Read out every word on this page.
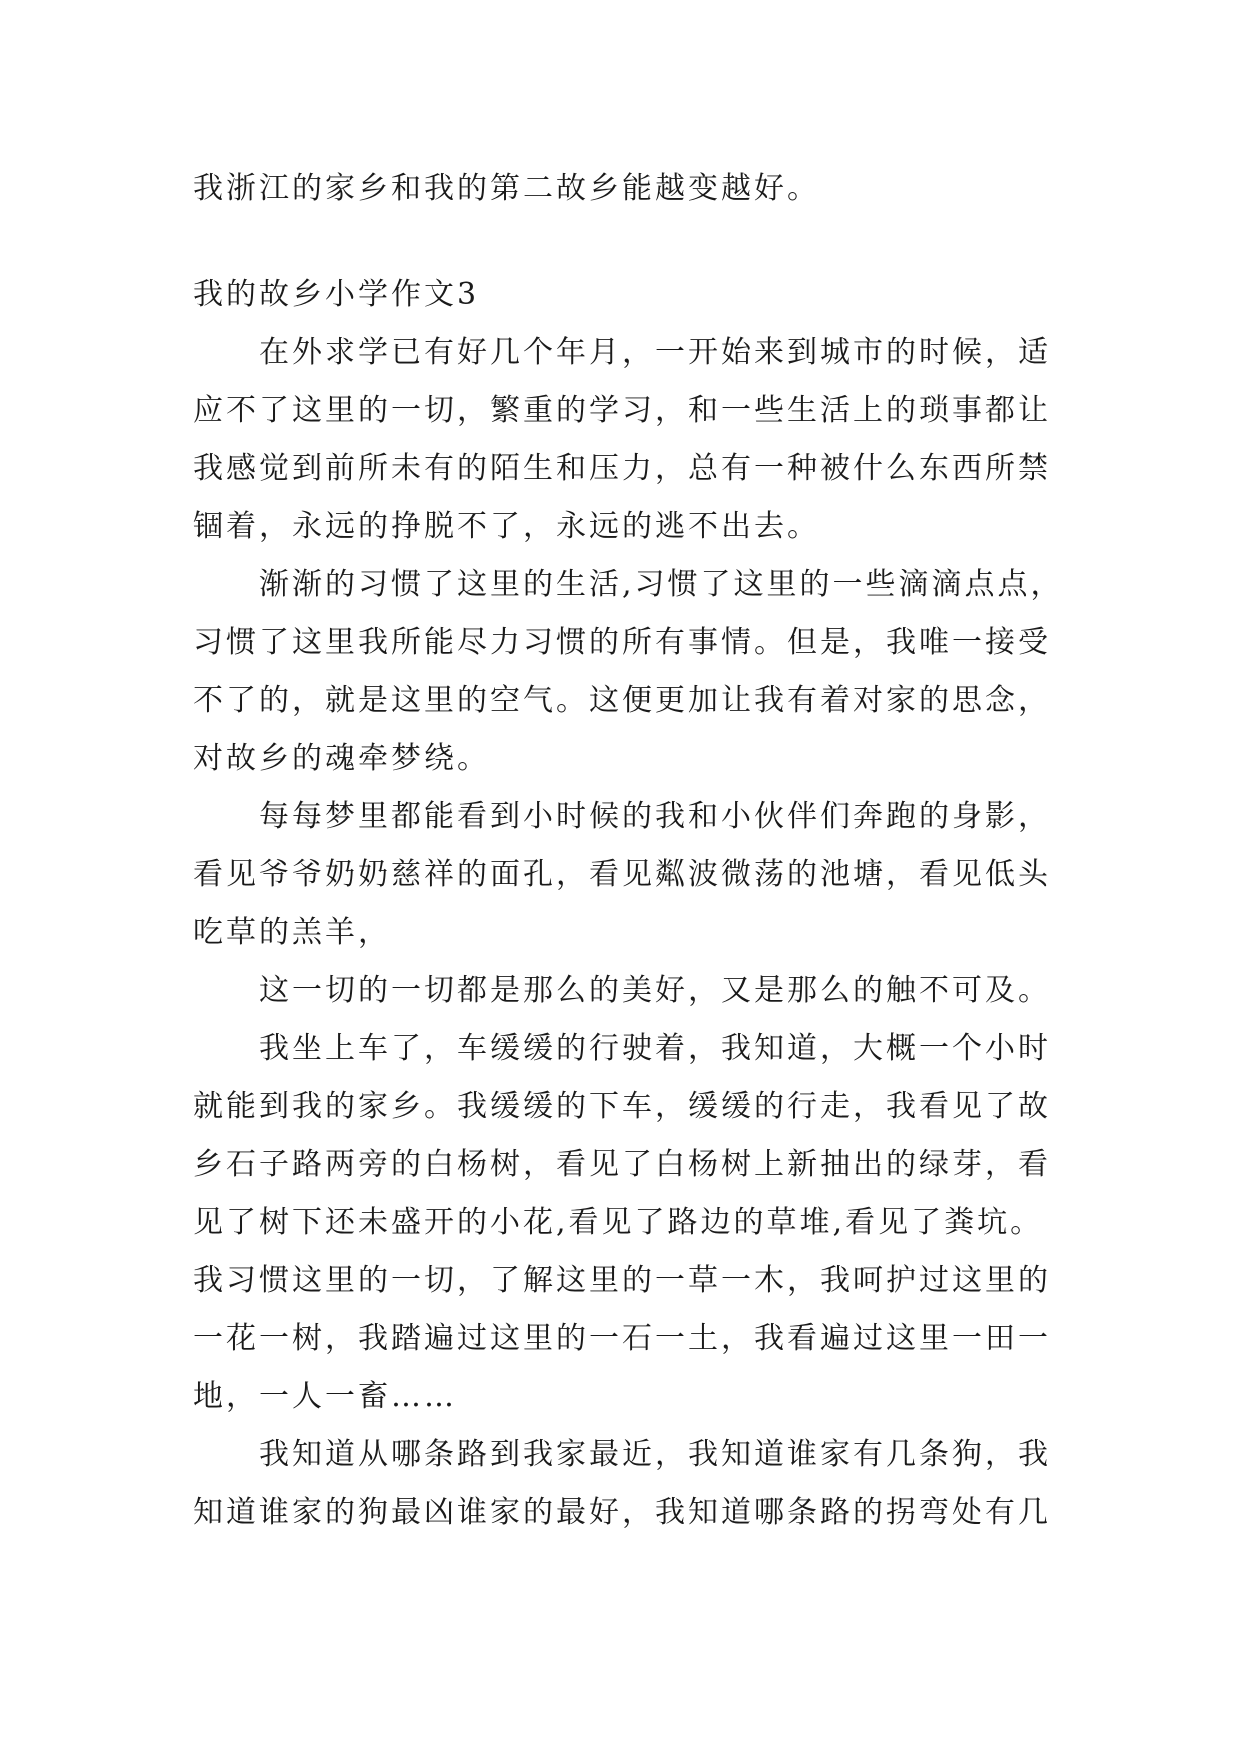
我浙江的家乡和我的第二故乡能越变越好。
我的故乡小学作文3
在外求学已有好几个年月，一开始来到城市的时候，适
应不了这里的一切，繁重的学习，和一些生活上的琐事都让
我感觉到前所未有的陌生和压力，总有一种被什么东西所禁
锢着，永远的挣脱不了，永远的逃不出去。
渐渐的习惯了这里的生活,习惯了这里的一些滴滴点点，
习惯了这里我所能尽力习惯的所有事情。但是，我唯一接受
不了的，就是这里的空气。这便更加让我有着对家的思念，
对故乡的魂牵梦绕。
每每梦里都能看到小时候的我和小伙伴们奔跑的身影，
看见爷爷奶奶慈祥的面孔，看见粼波微荡的池塘，看见低头
吃草的羔羊，
这一切的一切都是那么的美好，又是那么的触不可及。
我坐上车了，车缓缓的行驶着，我知道，大概一个小时
就能到我的家乡。我缓缓的下车，缓缓的行走，我看见了故
乡石子路两旁的白杨树，看见了白杨树上新抽出的绿芽，看
见了树下还未盛开的小花,看见了路边的草堆,看见了粪坑。
我习惯这里的一切，了解这里的一草一木，我呵护过这里的
一花一树，我踏遍过这里的一石一土，我看遍过这里一田一
地，一人一畜……
我知道从哪条路到我家最近，我知道谁家有几条狗，我
知道谁家的狗最凶谁家的最好，我知道哪条路的拐弯处有几
